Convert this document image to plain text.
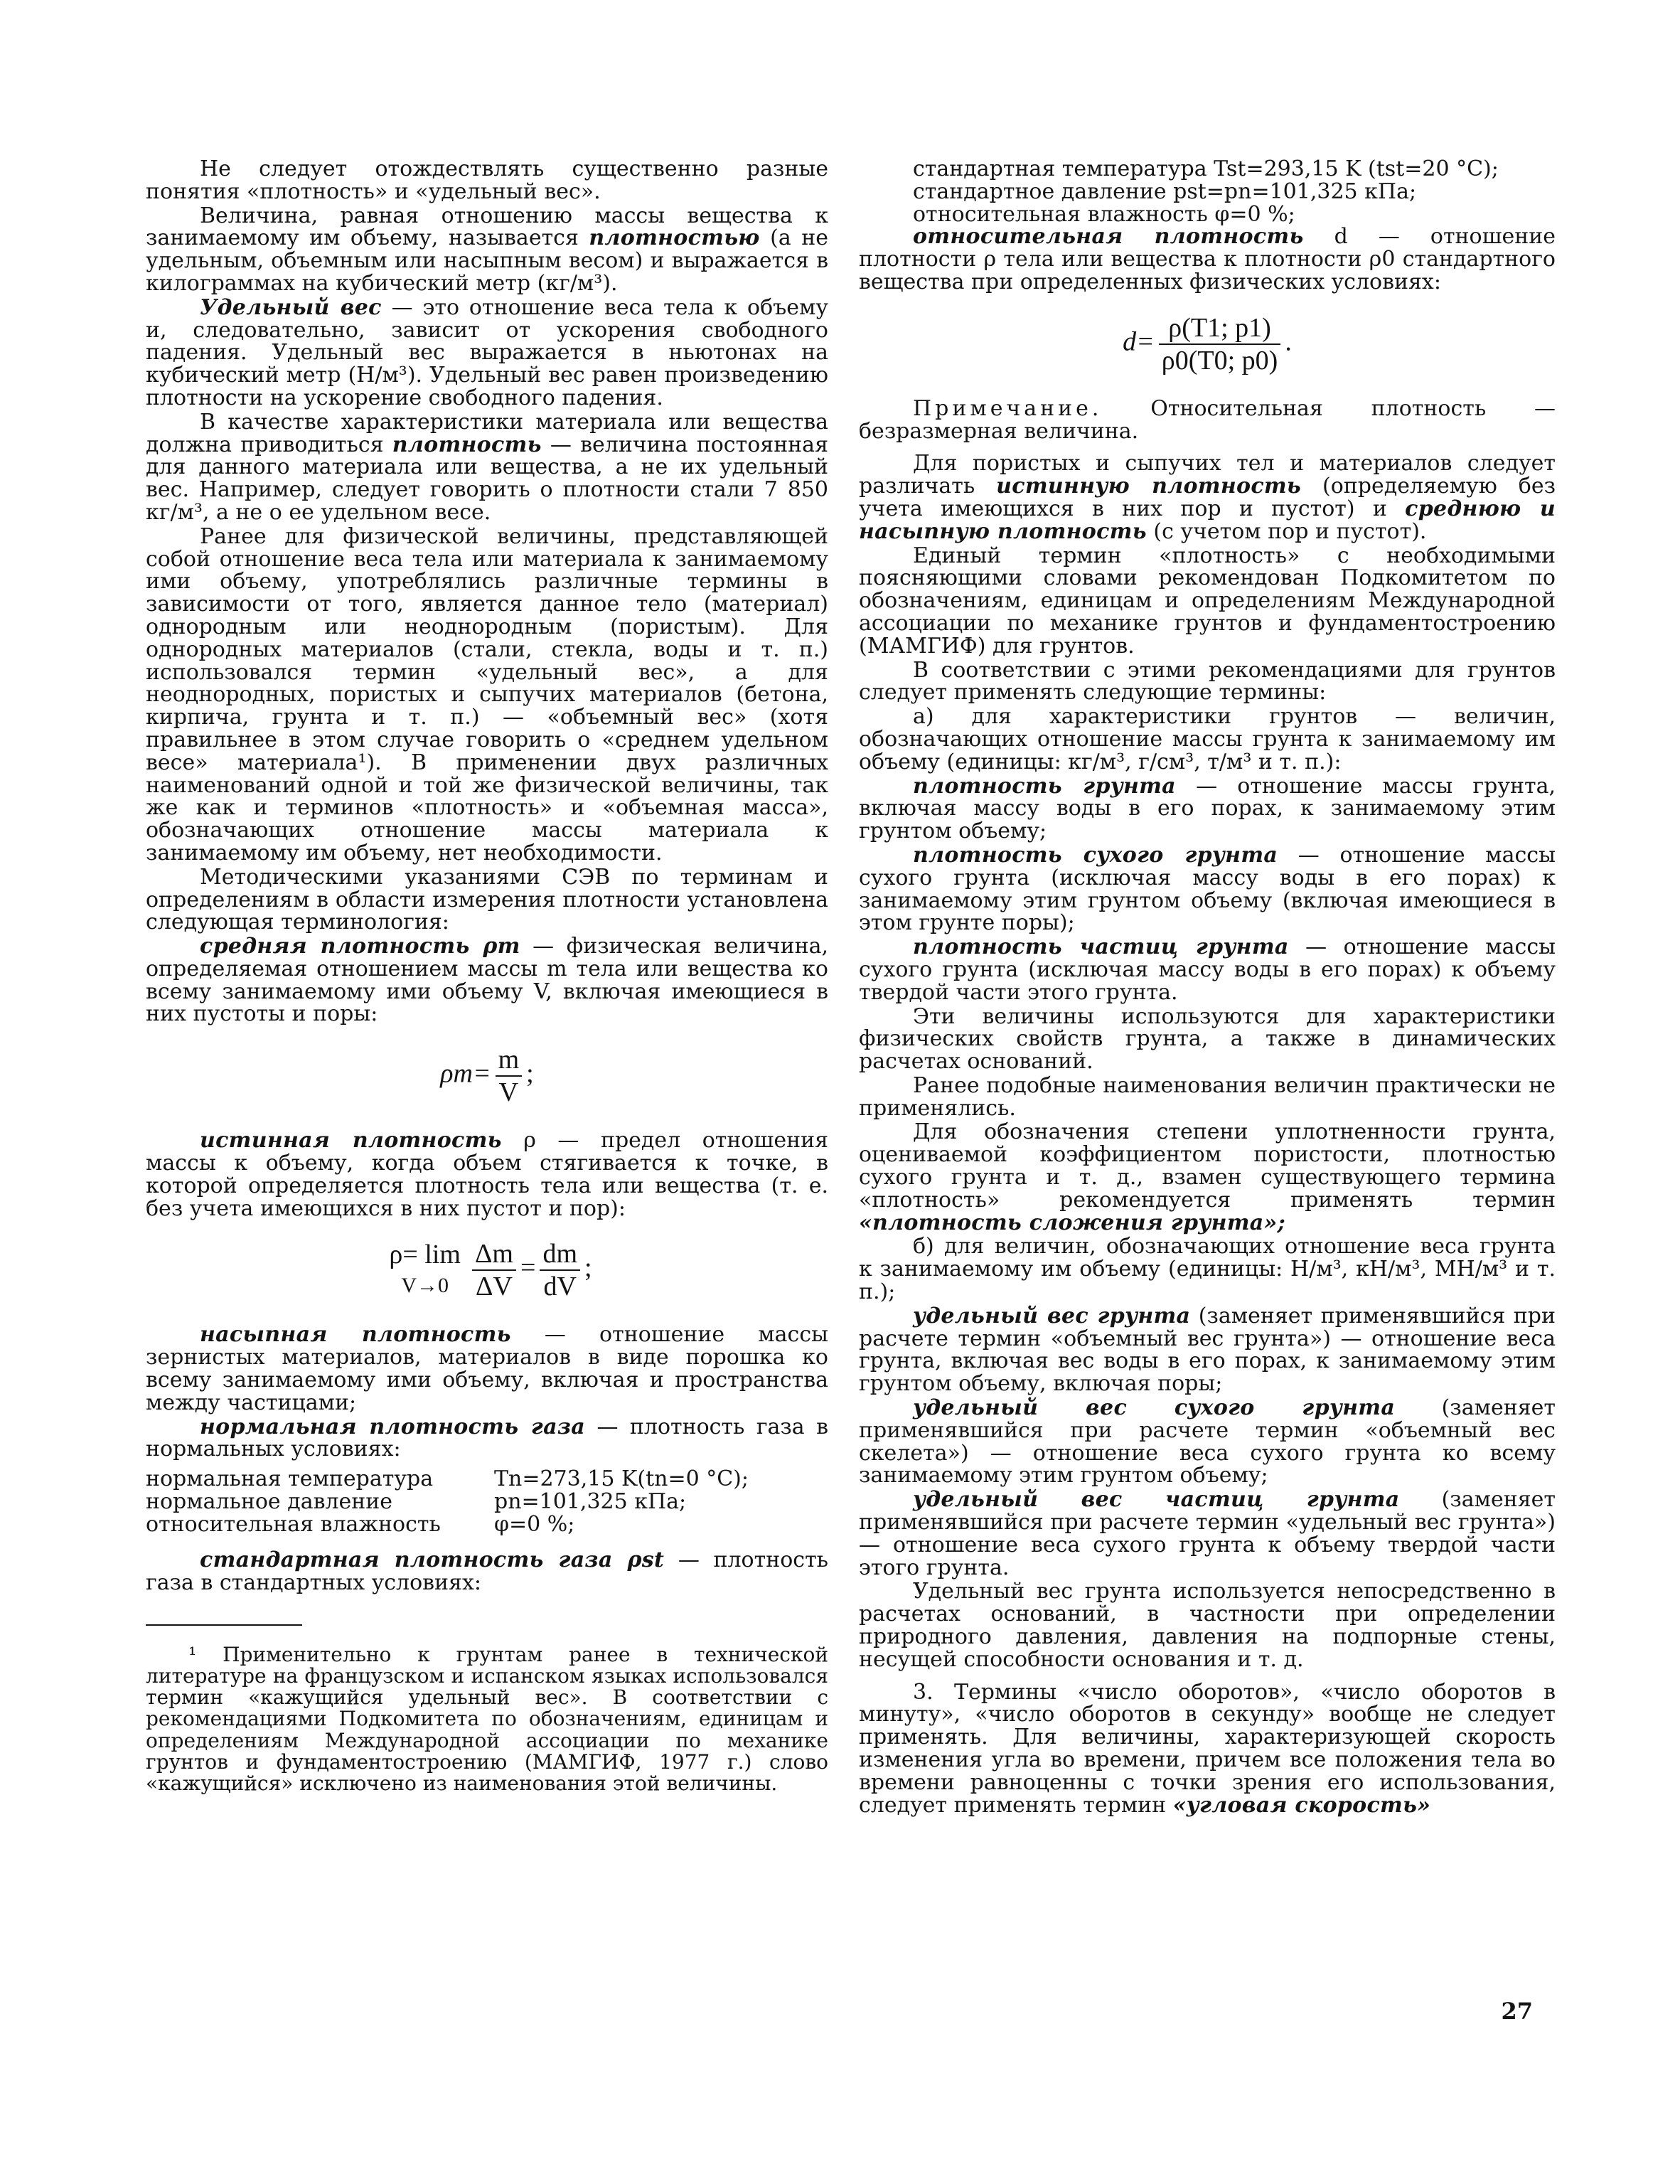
Не следует отождествлять существенно разные понятия «плотность» и «удельный вес».

Величина, равная отношению массы вещества к занимаемому им объему, называется плотностью (а не удельным, объемным или насыпным весом) и выражается в килограммах на кубический метр (кг/м³).

Удельный вес — это отношение веса тела к объему и, следовательно, зависит от ускорения свободного падения. Удельный вес выражается в ньютонах на кубический метр (Н/м³). Удельный вес равен произведению плотности на ускорение свободного падения.

В качестве характеристики материала или вещества должна приводиться плотность — величина постоянная для данного материала или вещества, а не их удельный вес. Например, следует говорить о плотности стали 7 850 кг/м³, а не о ее удельном весе.

Ранее для физической величины, представляющей собой отношение веса тела или материала к занимаемому ими объему, употреблялись различные термины в зависимости от того, является данное тело (материал) однородным или неоднородным (пористым). Для однородных материалов (стали, стекла, воды и т. п.) использовался термин «удельный вес», а для неоднородных, пористых и сыпучих материалов (бетона, кирпича, грунта и т. п.) — «объемный вес» (хотя правильнее в этом случае говорить о «среднем удельном весе» материала¹). В применении двух различных наименований одной и той же физической величины, так же как и терминов «плотность» и «объемная масса», обозначающих отношение массы материала к занимаемому им объему, нет необходимости.

Методическими указаниями СЭВ по терминам и определениям в области измерения плотности установлена следующая терминология:

средняя плотность ρm — физическая величина, определяемая отношением массы m тела или вещества ко всему занимаемому ими объему V, включая имеющиеся в них пустоты и поры:

$\rho m= \frac{m}{V}$ ;

истинная плотность ρ — предел отношения массы к объему, когда объем стягивается к точке, в которой определяется плотность тела или вещества (т. е. без учета имеющихся в них пустот и пор):

ρ= lim
$V\to 0 \frac{\Delta m}{\Delta V} = \frac{dm}{dV}$ ;

насыпная плотность — отношение массы зернистых материалов, материалов в виде порошка ко всему занимаемому ими объему, включая и пространства между частицами;

нормальная плотность газа — плотность газа в нормальных условиях:

нормальная температура	Tn=273,15 K(tn=0 °C);
нормальное давление	pn=101,325 кПа;
относительная влажность	φ=0 %;

стандартная плотность газа ρst — плотность газа в стандартных условиях:

¹ Применительно к грунтам ранее в технической литературе на французском и испанском языках использовался термин «кажущийся удельный вес». В соответствии с рекомендациями Подкомитета по обозначениям, единицам и определениям Международной ассоциации по механике грунтов и фундаментостроению (МАМГИФ, 1977 г.) слово «кажущийся» исключено из наименования этой величины.

стандартная температура Tst=293,15 K (tst=20 °C);

стандартное давление pst=pn=101,325 кПа;

относительная влажность φ=0 %;

относительная плотность d — отношение плотности ρ тела или вещества к плотности ρ0 стандартного вещества при определенных физических условиях:

$d= \frac{\rho(T1; p1)}{\rho 0(T0; p0)}$ .

Примечание. Относительная плотность — безразмерная величина.

Для пористых и сыпучих тел и материалов следует различать истинную плотность (определяемую без учета имеющихся в них пор и пустот) и среднюю и насыпную плотность (с учетом пор и пустот).

Единый термин «плотность» с необходимыми поясняющими словами рекомендован Подкомитетом по обозначениям, единицам и определениям Международной ассоциации по механике грунтов и фундаментостроению (МАМГИФ) для грунтов.

В соответствии с этими рекомендациями для грунтов следует применять следующие термины:

а) для характеристики грунтов — величин, обозначающих отношение массы грунта к занимаемому им объему (единицы: кг/м³, г/см³, т/м³ и т. п.):

плотность грунта — отношение массы грунта, включая массу воды в его порах, к занимаемому этим грунтом объему;

плотность сухого грунта — отношение массы сухого грунта (исключая массу воды в его порах) к занимаемому этим грунтом объему (включая имеющиеся в этом грунте поры);

плотность частиц грунта — отношение массы сухого грунта (исключая массу воды в его порах) к объему твердой части этого грунта.

Эти величины используются для характеристики физических свойств грунта, а также в динамических расчетах оснований.

Ранее подобные наименования величин практически не применялись.

Для обозначения степени уплотненности грунта, оцениваемой коэффициентом пористости, плотностью сухого грунта и т. д., взамен существующего термина «плотность» рекомендуется применять термин «плотность сложения грунта»;

б) для величин, обозначающих отношение веса грунта к занимаемому им объему (единицы: Н/м³, кН/м³, МН/м³ и т. п.);

удельный вес грунта (заменяет применявшийся при расчете термин «объемный вес грунта») — отношение веса грунта, включая вес воды в его порах, к занимаемому этим грунтом объему, включая поры;

удельный вес сухого грунта (заменяет применявшийся при расчете термин «объемный вес скелета») — отношение веса сухого грунта ко всему занимаемому этим грунтом объему;

удельный вес частиц грунта (заменяет применявшийся при расчете термин «удельный вес грунта») — отношение веса сухого грунта к объему твердой части этого грунта.

Удельный вес грунта используется непосредственно в расчетах оснований, в частности при определении природного давления, давления на подпорные стены, несущей способности основания и т. д.

3. Термины «число оборотов», «число оборотов в минуту», «число оборотов в секунду» вообще не следует применять. Для величины, характеризующей скорость изменения угла во времени, причем все положения тела во времени равноценны с точки зрения его использования, следует применять термин «угловая скорость»

27
